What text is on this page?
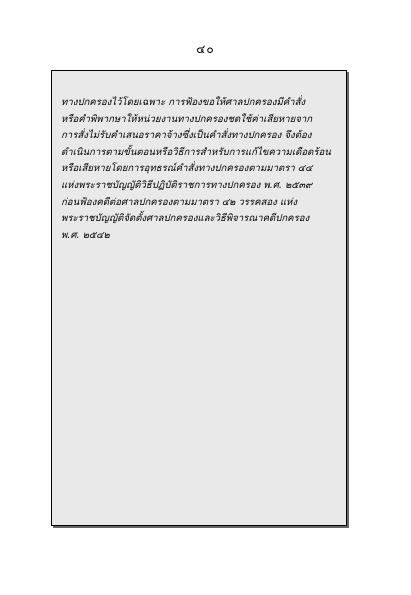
๔๐
ทางปกครองไว้โดยเฉพาะ การฟ้องขอให้ศาลปกครองมีคำสั่ง
หรือคำพิพากษาให้หน่วยงานทางปกครองชดใช้ค่าเสียหายจาก
การสั่งไม่รับคำเสนอราคาจ้างซึ่งเป็นคำสั่งทางปกครอง จึงต้อง
ดำเนินการตามขั้นตอนหรือวิธีการสำหรับการแก้ไขความเดือดร้อน
หรือเสียหายโดยการอุทธรณ์คำสั่งทางปกครองตามมาตรา ๔๔
แห่งพระราชบัญญัติวิธีปฏิบัติราชการทางปกครอง พ.ศ. ๒๕๓๙
ก่อนฟ้องคดีต่อศาลปกครองตามมาตรา ๔๒ วรรคสอง แห่ง
พระราชบัญญัติจัดตั้งศาลปกครองและวิธีพิจารณาคดีปกครอง
พ.ศ. ๒๕๔๒
